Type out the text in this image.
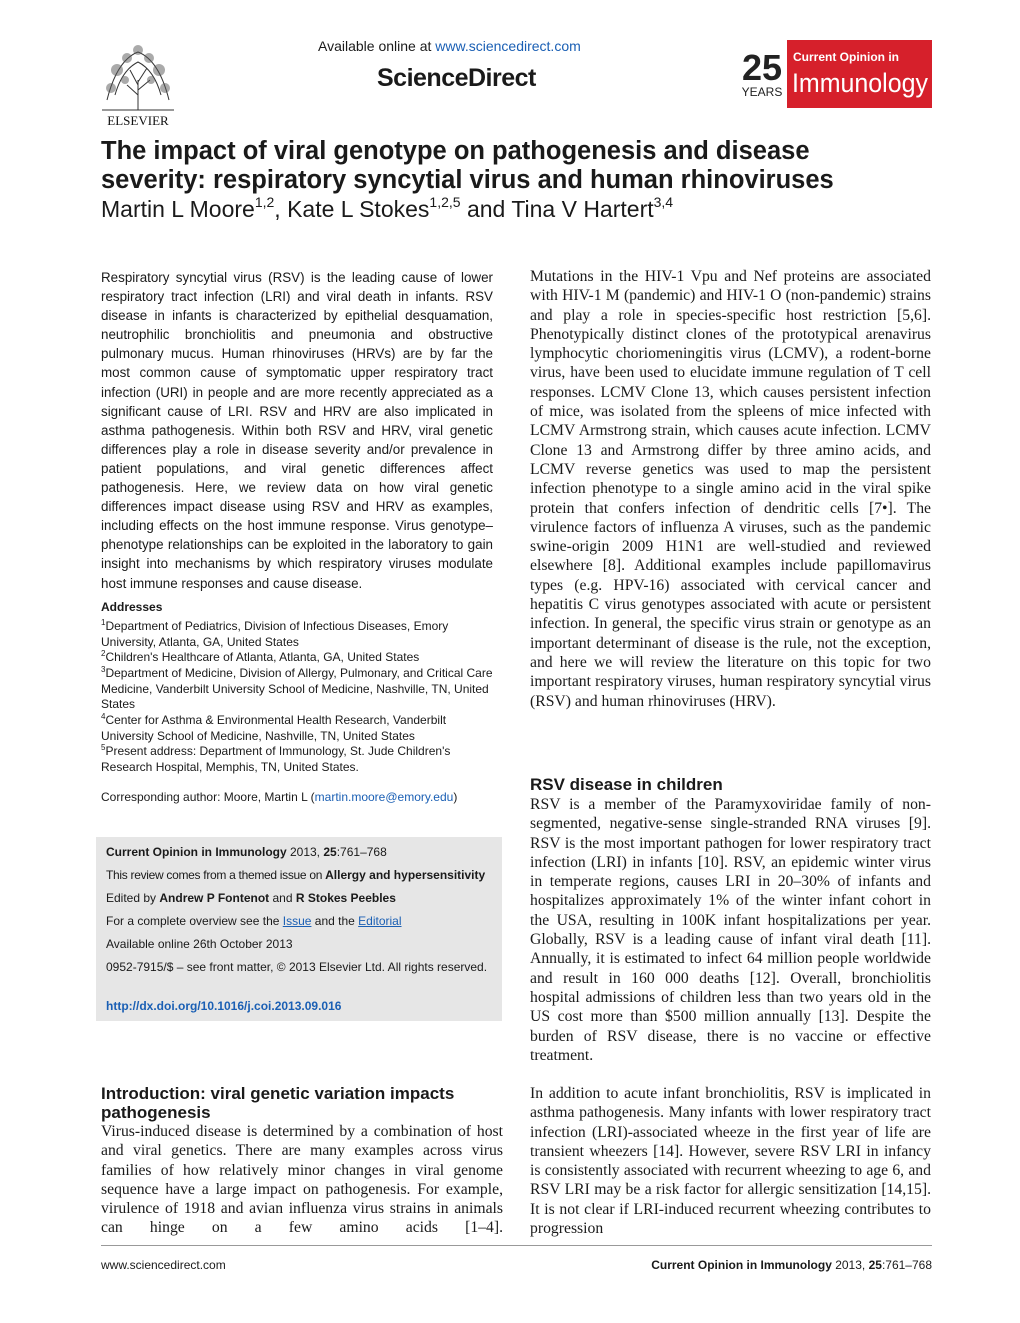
ELSEVIER
Available online at www.sciencedirect.com
ScienceDirect	25
YEARS
Current Opinion in
Immunology
The impact of viral genotype on pathogenesis and disease severity: respiratory syncytial virus and human rhinoviruses
Martin L Moore$^{1,2}$, Kate L Stokes$^{1,2,5}$ and Tina V Hartert$^{3,4}$
Respiratory syncytial virus (RSV) is the leading cause of lower respiratory tract infection (LRI) and viral death in infants. RSV disease in infants is characterized by epithelial desquamation, neutrophilic bronchiolitis and pneumonia and obstructive pulmonary mucus. Human rhinoviruses (HRVs) are by far the most common cause of symptomatic upper respiratory tract infection (URI) in people and are more recently appreciated as a significant cause of LRI. RSV and HRV are also implicated in asthma pathogenesis. Within both RSV and HRV, viral genetic differences play a role in disease severity and/or prevalence in patient populations, and viral genetic differences affect pathogenesis. Here, we review data on how viral genetic differences impact disease using RSV and HRV as examples, including effects on the host immune response. Virus genotype–phenotype relationships can be exploited in the laboratory to gain insight into mechanisms by which respiratory viruses modulate host immune responses and cause disease.
Addresses
$^1$Department of Pediatrics, Division of Infectious Diseases, Emory University, Atlanta, GA, United States
$^2$Children's Healthcare of Atlanta, Atlanta, GA, United States
$^3$Department of Medicine, Division of Allergy, Pulmonary, and Critical Care Medicine, Vanderbilt University School of Medicine, Nashville, TN, United States
$^4$Center for Asthma & Environmental Health Research, Vanderbilt University School of Medicine, Nashville, TN, United States
$^5$Present address: Department of Immunology, St. Jude Children's Research Hospital, Memphis, TN, United States.
Corresponding author: Moore, Martin L (martin.moore@emory.edu)
Current Opinion in Immunology 2013, 25:761–768
This review comes from a themed issue on Allergy and hypersensitivity
Edited by Andrew P Fontenot and R Stokes Peebles
For a complete overview see the Issue and the Editorial
Available online 26th October 2013
0952-7915/$ – see front matter, © 2013 Elsevier Ltd. All rights reserved.
http://dx.doi.org/10.1016/j.coi.2013.09.016
Introduction: viral genetic variation impacts pathogenesis
Virus-induced disease is determined by a combination of host and viral genetics. There are many examples across virus families of how relatively minor changes in viral genome sequence have a large impact on pathogenesis. For example, virulence of 1918 and avian influenza virus strains in animals can hinge on a few amino acids [1–4].
Mutations in the HIV-1 Vpu and Nef proteins are associated with HIV-1 M (pandemic) and HIV-1 O (non-pandemic) strains and play a role in species-specific host restriction [5,6]. Phenotypically distinct clones of the prototypical arenavirus lymphocytic choriomeningitis virus (LCMV), a rodent-borne virus, have been used to elucidate immune regulation of T cell responses. LCMV Clone 13, which causes persistent infection of mice, was isolated from the spleens of mice infected with LCMV Armstrong strain, which causes acute infection. LCMV Clone 13 and Armstrong differ by three amino acids, and LCMV reverse genetics was used to map the persistent infection phenotype to a single amino acid in the viral spike protein that confers infection of dendritic cells [7•]. The virulence factors of influenza A viruses, such as the pandemic swine-origin 2009 H1N1 are well-studied and reviewed elsewhere [8]. Additional examples include papillomavirus types (e.g. HPV-16) associated with cervical cancer and hepatitis C virus genotypes associated with acute or persistent infection. In general, the specific virus strain or genotype as an important determinant of disease is the rule, not the exception, and here we will review the literature on this topic for two important respiratory viruses, human respiratory syncytial virus (RSV) and human rhinoviruses (HRV).
RSV disease in children
RSV is a member of the Paramyxoviridae family of non-segmented, negative-sense single-stranded RNA viruses [9]. RSV is the most important pathogen for lower respiratory tract infection (LRI) in infants [10]. RSV, an epidemic winter virus in temperate regions, causes LRI in 20–30% of infants and hospitalizes approximately 1% of the winter infant cohort in the USA, resulting in 100K infant hospitalizations per year. Globally, RSV is a leading cause of infant viral death [11]. Annually, it is estimated to infect 64 million people worldwide and result in 160 000 deaths [12]. Overall, bronchiolitis hospital admissions of children less than two years old in the US cost more than $500 million annually [13]. Despite the burden of RSV disease, there is no vaccine or effective treatment.
In addition to acute infant bronchiolitis, RSV is implicated in asthma pathogenesis. Many infants with lower respiratory tract infection (LRI)-associated wheeze in the first year of life are transient wheezers [14]. However, severe RSV LRI in infancy is consistently associated with recurrent wheezing to age 6, and RSV LRI may be a risk factor for allergic sensitization [14,15]. It is not clear if LRI-induced recurrent wheezing contributes to progression
www.sciencedirect.com	Current Opinion in Immunology 2013, 25:761–768
